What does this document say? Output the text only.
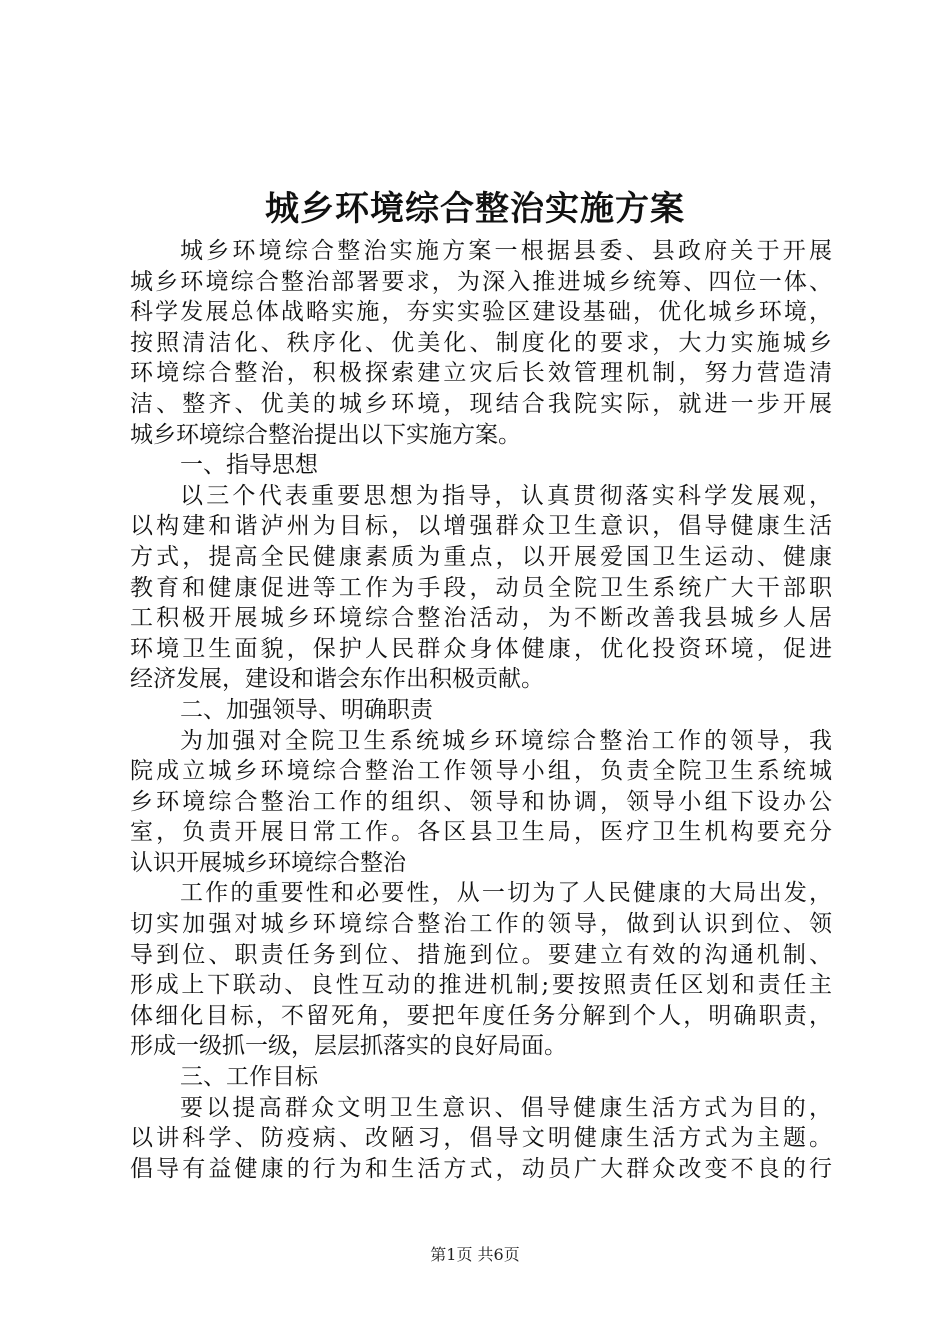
城乡环境综合整治实施方案
城乡环境综合整治实施方案一根据县委、县政府关于开展
城乡环境综合整治部署要求，为深入推进城乡统筹、四位一体、
科学发展总体战略实施，夯实实验区建设基础，优化城乡环境，
按照清洁化、秩序化、优美化、制度化的要求，大力实施城乡
环境综合整治，积极探索建立灾后长效管理机制，努力营造清
洁、整齐、优美的城乡环境，现结合我院实际，就进一步开展
城乡环境综合整治提出以下实施方案。
一、指导思想
以三个代表重要思想为指导，认真贯彻落实科学发展观，
以构建和谐泸州为目标，以增强群众卫生意识，倡导健康生活
方式，提高全民健康素质为重点，以开展爱国卫生运动、健康
教育和健康促进等工作为手段，动员全院卫生系统广大干部职
工积极开展城乡环境综合整治活动，为不断改善我县城乡人居
环境卫生面貌，保护人民群众身体健康，优化投资环境，促进
经济发展，建设和谐会东作出积极贡献。
二、加强领导、明确职责
为加强对全院卫生系统城乡环境综合整治工作的领导，我
院成立城乡环境综合整治工作领导小组，负责全院卫生系统城
乡环境综合整治工作的组织、领导和协调，领导小组下设办公
室，负责开展日常工作。各区县卫生局，医疗卫生机构要充分
认识开展城乡环境综合整治
工作的重要性和必要性，从一切为了人民健康的大局出发，
切实加强对城乡环境综合整治工作的领导，做到认识到位、领
导到位、职责任务到位、措施到位。要建立有效的沟通机制、
形成上下联动、良性互动的推进机制;要按照责任区划和责任主
体细化目标，不留死角，要把年度任务分解到个人，明确职责，
形成一级抓一级，层层抓落实的良好局面。
三、工作目标
要以提高群众文明卫生意识、倡导健康生活方式为目的，
以讲科学、防疫病、改陋习，倡导文明健康生活方式为主题。
倡导有益健康的行为和生活方式，动员广大群众改变不良的行
第1页 共6页
